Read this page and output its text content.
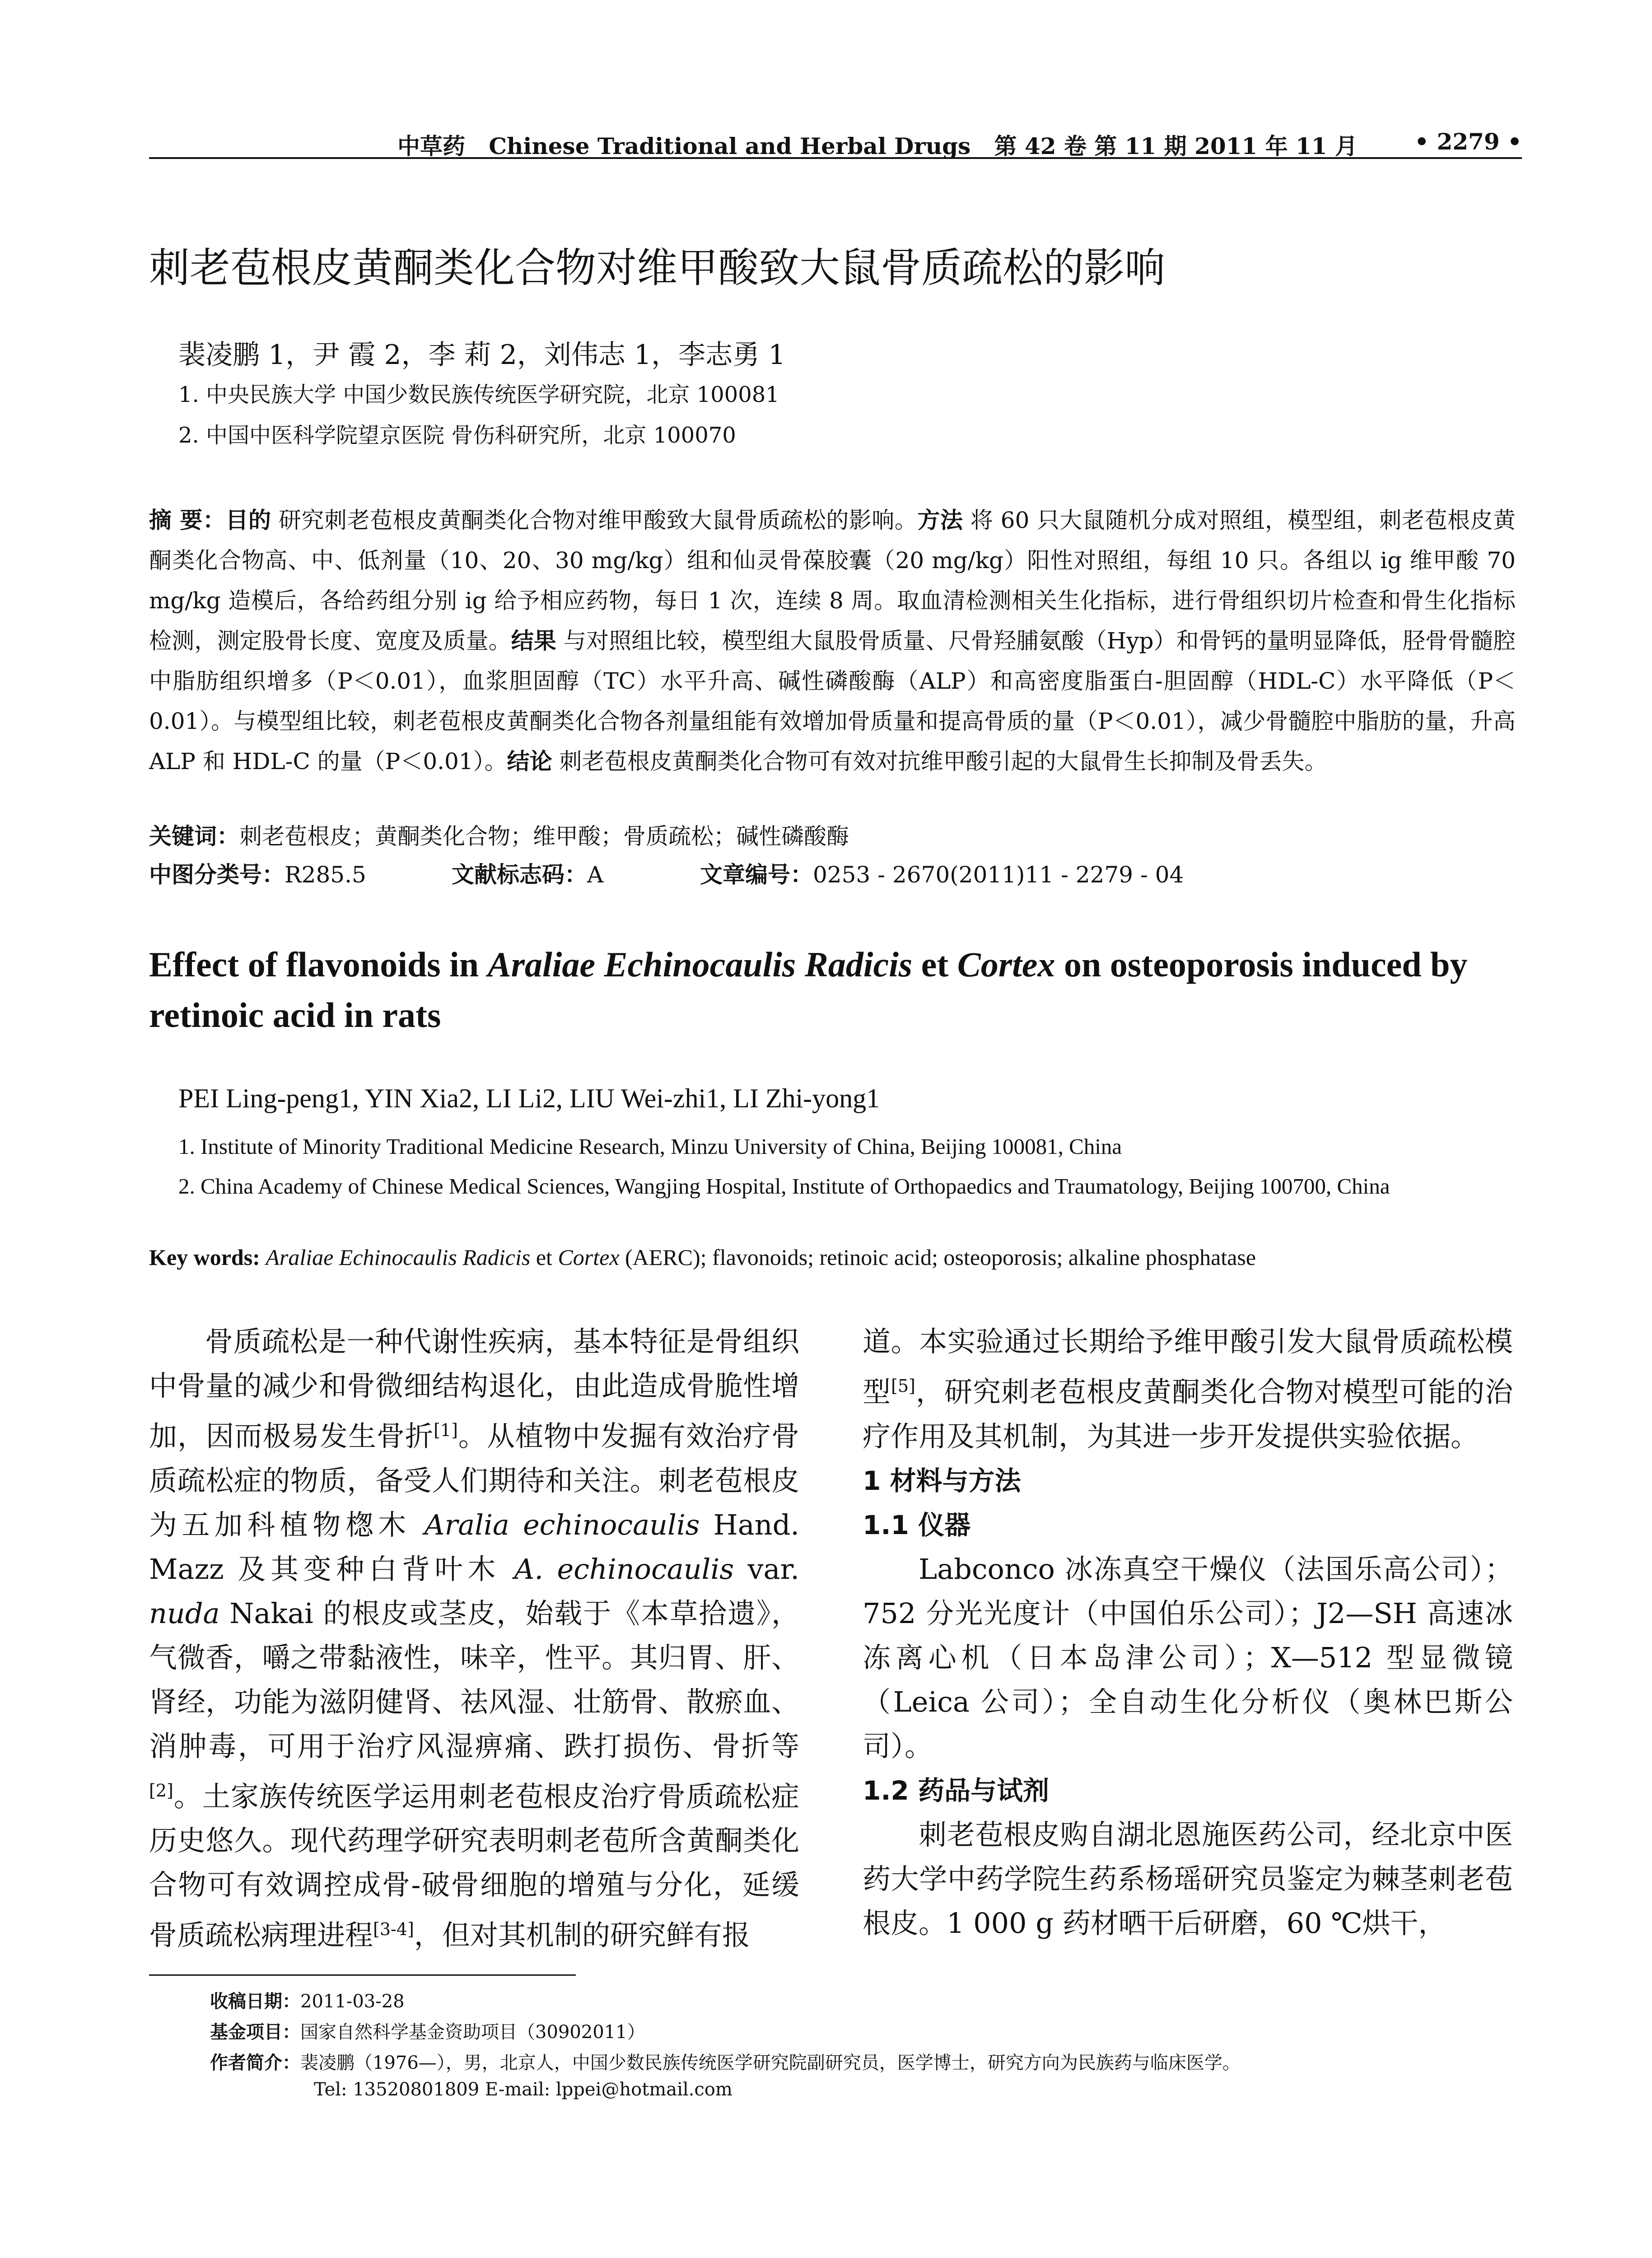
中草药 Chinese Traditional and Herbal Drugs 第 42 卷 第 11 期 2011 年 11 月	• 2279 •
刺老苞根皮黄酮类化合物对维甲酸致大鼠骨质疏松的影响
裴凌鹏 1，尹 霞 2，李 莉 2，刘伟志 1，李志勇 1
1. 中央民族大学 中国少数民族传统医学研究院，北京 100081
2. 中国中医科学院望京医院 骨伤科研究所，北京 100070
摘 要：目的 研究刺老苞根皮黄酮类化合物对维甲酸致大鼠骨质疏松的影响。方法 将 60 只大鼠随机分成对照组，模型组，刺老苞根皮黄酮类化合物高、中、低剂量（10、20、30 mg/kg）组和仙灵骨葆胶囊（20 mg/kg）阳性对照组，每组 10 只。各组以 ig 维甲酸 70 mg/kg 造模后，各给药组分别 ig 给予相应药物，每日 1 次，连续 8 周。取血清检测相关生化指标，进行骨组织切片检查和骨生化指标检测，测定股骨长度、宽度及质量。结果 与对照组比较，模型组大鼠股骨质量、尺骨羟脯氨酸（Hyp）和骨钙的量明显降低，胫骨骨髓腔中脂肪组织增多（P＜0.01），血浆胆固醇（TC）水平升高、碱性磷酸酶（ALP）和高密度脂蛋白-胆固醇（HDL-C）水平降低（P＜0.01）。与模型组比较，刺老苞根皮黄酮类化合物各剂量组能有效增加骨质量和提高骨质的量（P＜0.01），减少骨髓腔中脂肪的量，升高 ALP 和 HDL-C 的量（P＜0.01）。结论 刺老苞根皮黄酮类化合物可有效对抗维甲酸引起的大鼠骨生长抑制及骨丢失。
关键词：刺老苞根皮；黄酮类化合物；维甲酸；骨质疏松；碱性磷酸酶
中图分类号：R285.5	文献标志码：A	文章编号：0253 - 2670(2011)11 - 2279 - 04
Effect of flavonoids in Araliae Echinocaulis Radicis et Cortex on osteoporosis induced by retinoic acid in rats
PEI Ling-peng1, YIN Xia2, LI Li2, LIU Wei-zhi1, LI Zhi-yong1
1. Institute of Minority Traditional Medicine Research, Minzu University of China, Beijing 100081, China
2. China Academy of Chinese Medical Sciences, Wangjing Hospital, Institute of Orthopaedics and Traumatology, Beijing 100700, China
Key words: Araliae Echinocaulis Radicis et Cortex (AERC); flavonoids; retinoic acid; osteoporosis; alkaline phosphatase

骨质疏松是一种代谢性疾病，基本特征是骨组织中骨量的减少和骨微细结构退化，由此造成骨脆性增加，因而极易发生骨折[1]。从植物中发掘有效治疗骨质疏松症的物质，备受人们期待和关注。刺老苞根皮为五加科植物楤木 Aralia echinocaulis Hand. Mazz 及其变种白背叶木 A. echinocaulis var. nuda Nakai 的根皮或茎皮，始载于《本草拾遗》，气微香，嚼之带黏液性，味辛，性平。其归胃、肝、肾经，功能为滋阴健肾、祛风湿、壮筋骨、散瘀血、消肿毒，可用于治疗风湿痹痛、跌打损伤、骨折等[2]。土家族传统医学运用刺老苞根皮治疗骨质疏松症历史悠久。现代药理学研究表明刺老苞所含黄酮类化合物可有效调控成骨-破骨细胞的增殖与分化，延缓骨质疏松病理进程[3-4]，但对其机制的研究鲜有报

道。本实验通过长期给予维甲酸引发大鼠骨质疏松模型[5]，研究刺老苞根皮黄酮类化合物对模型可能的治疗作用及其机制，为其进一步开发提供实验依据。

1 材料与方法

1.1 仪器

Labconco 冰冻真空干燥仪（法国乐高公司）；752 分光光度计（中国伯乐公司）；J2—SH 高速冰冻离心机（日本岛津公司）；X—512 型显微镜（Leica 公司）；全自动生化分析仪（奥林巴斯公司）。

1.2 药品与试剂

刺老苞根皮购自湖北恩施医药公司，经北京中医药大学中药学院生药系杨瑶研究员鉴定为棘茎刺老苞根皮。1 000 g 药材晒干后研磨，60 ℃烘干，

收稿日期：2011-03-28
基金项目：国家自然科学基金资助项目（30902011）
作者简介：裴凌鹏（1976—），男，北京人，中国少数民族传统医学研究院副研究员，医学博士，研究方向为民族药与临床医学。
Tel: 13520801809 E-mail: lppei@hotmail.com
